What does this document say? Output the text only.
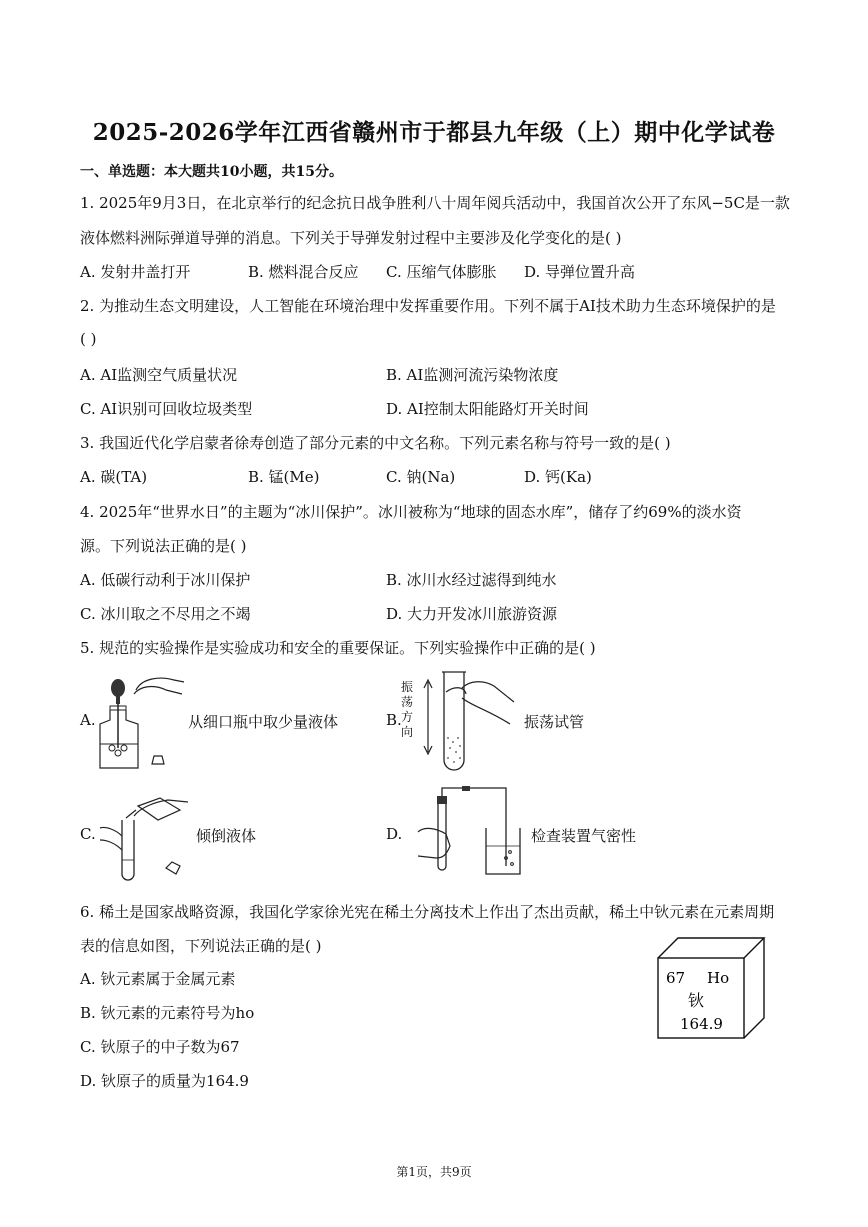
2025-2026学年江西省赣州市于都县九年级（上）期中化学试卷
一、单选题：本大题共10小题，共15分。
1. 2025年9月3日，在北京举行的纪念抗日战争胜利八十周年阅兵活动中，我国首次公开了东风−5C是一款
液体燃料洲际弹道导弹的消息。下列关于导弹发射过程中主要涉及化学变化的是( )
A. 发射井盖打开	B. 燃料混合反应 C. 压缩气体膨胀 D. 导弹位置升高
2. 为推动生态文明建设，人工智能在环境治理中发挥重要作用。下列不属于AI技术助力生态环境保护的是
( )
A. AI监测空气质量状况	B. AI监测河流污染物浓度
C. AI识别可回收垃圾类型	D. AI控制太阳能路灯开关时间
3. 我国近代化学启蒙者徐寿创造了部分元素的中文名称。下列元素名称与符号一致的是( )
A. 碳(TA)	B. 锰(Me)	C. 钠(Na)	D. 钙(Ka)
4. 2025年“世界水日”的主题为“冰川保护”。冰川被称为“地球的固态水库”，储存了约69%的淡水资
源。下列说法正确的是( )
A. 低碳行动利于冰川保护	B. 冰川水经过滤得到纯水
C. 冰川取之不尽用之不竭	D. 大力开发冰川旅游资源
5. 规范的实验操作是实验成功和安全的重要保证。下列实验操作中正确的是( )
A.	从细口瓶中取少量液体	B.
振
荡
方
向
振荡试管
C.	倾倒液体	D.	检查装置气密性
6. 稀土是国家战略资源，我国化学家徐光宪在稀土分离技术上作出了杰出贡献，稀土中钬元素在元素周期
表的信息如图，下列说法正确的是( )
A. 钬元素属于金属元素
B. 钬元素的元素符号为ho
C. 钬原子的中子数为67
D. 钬原子的质量为164.9
67 Ho
钬
164.9
第1页，共9页
